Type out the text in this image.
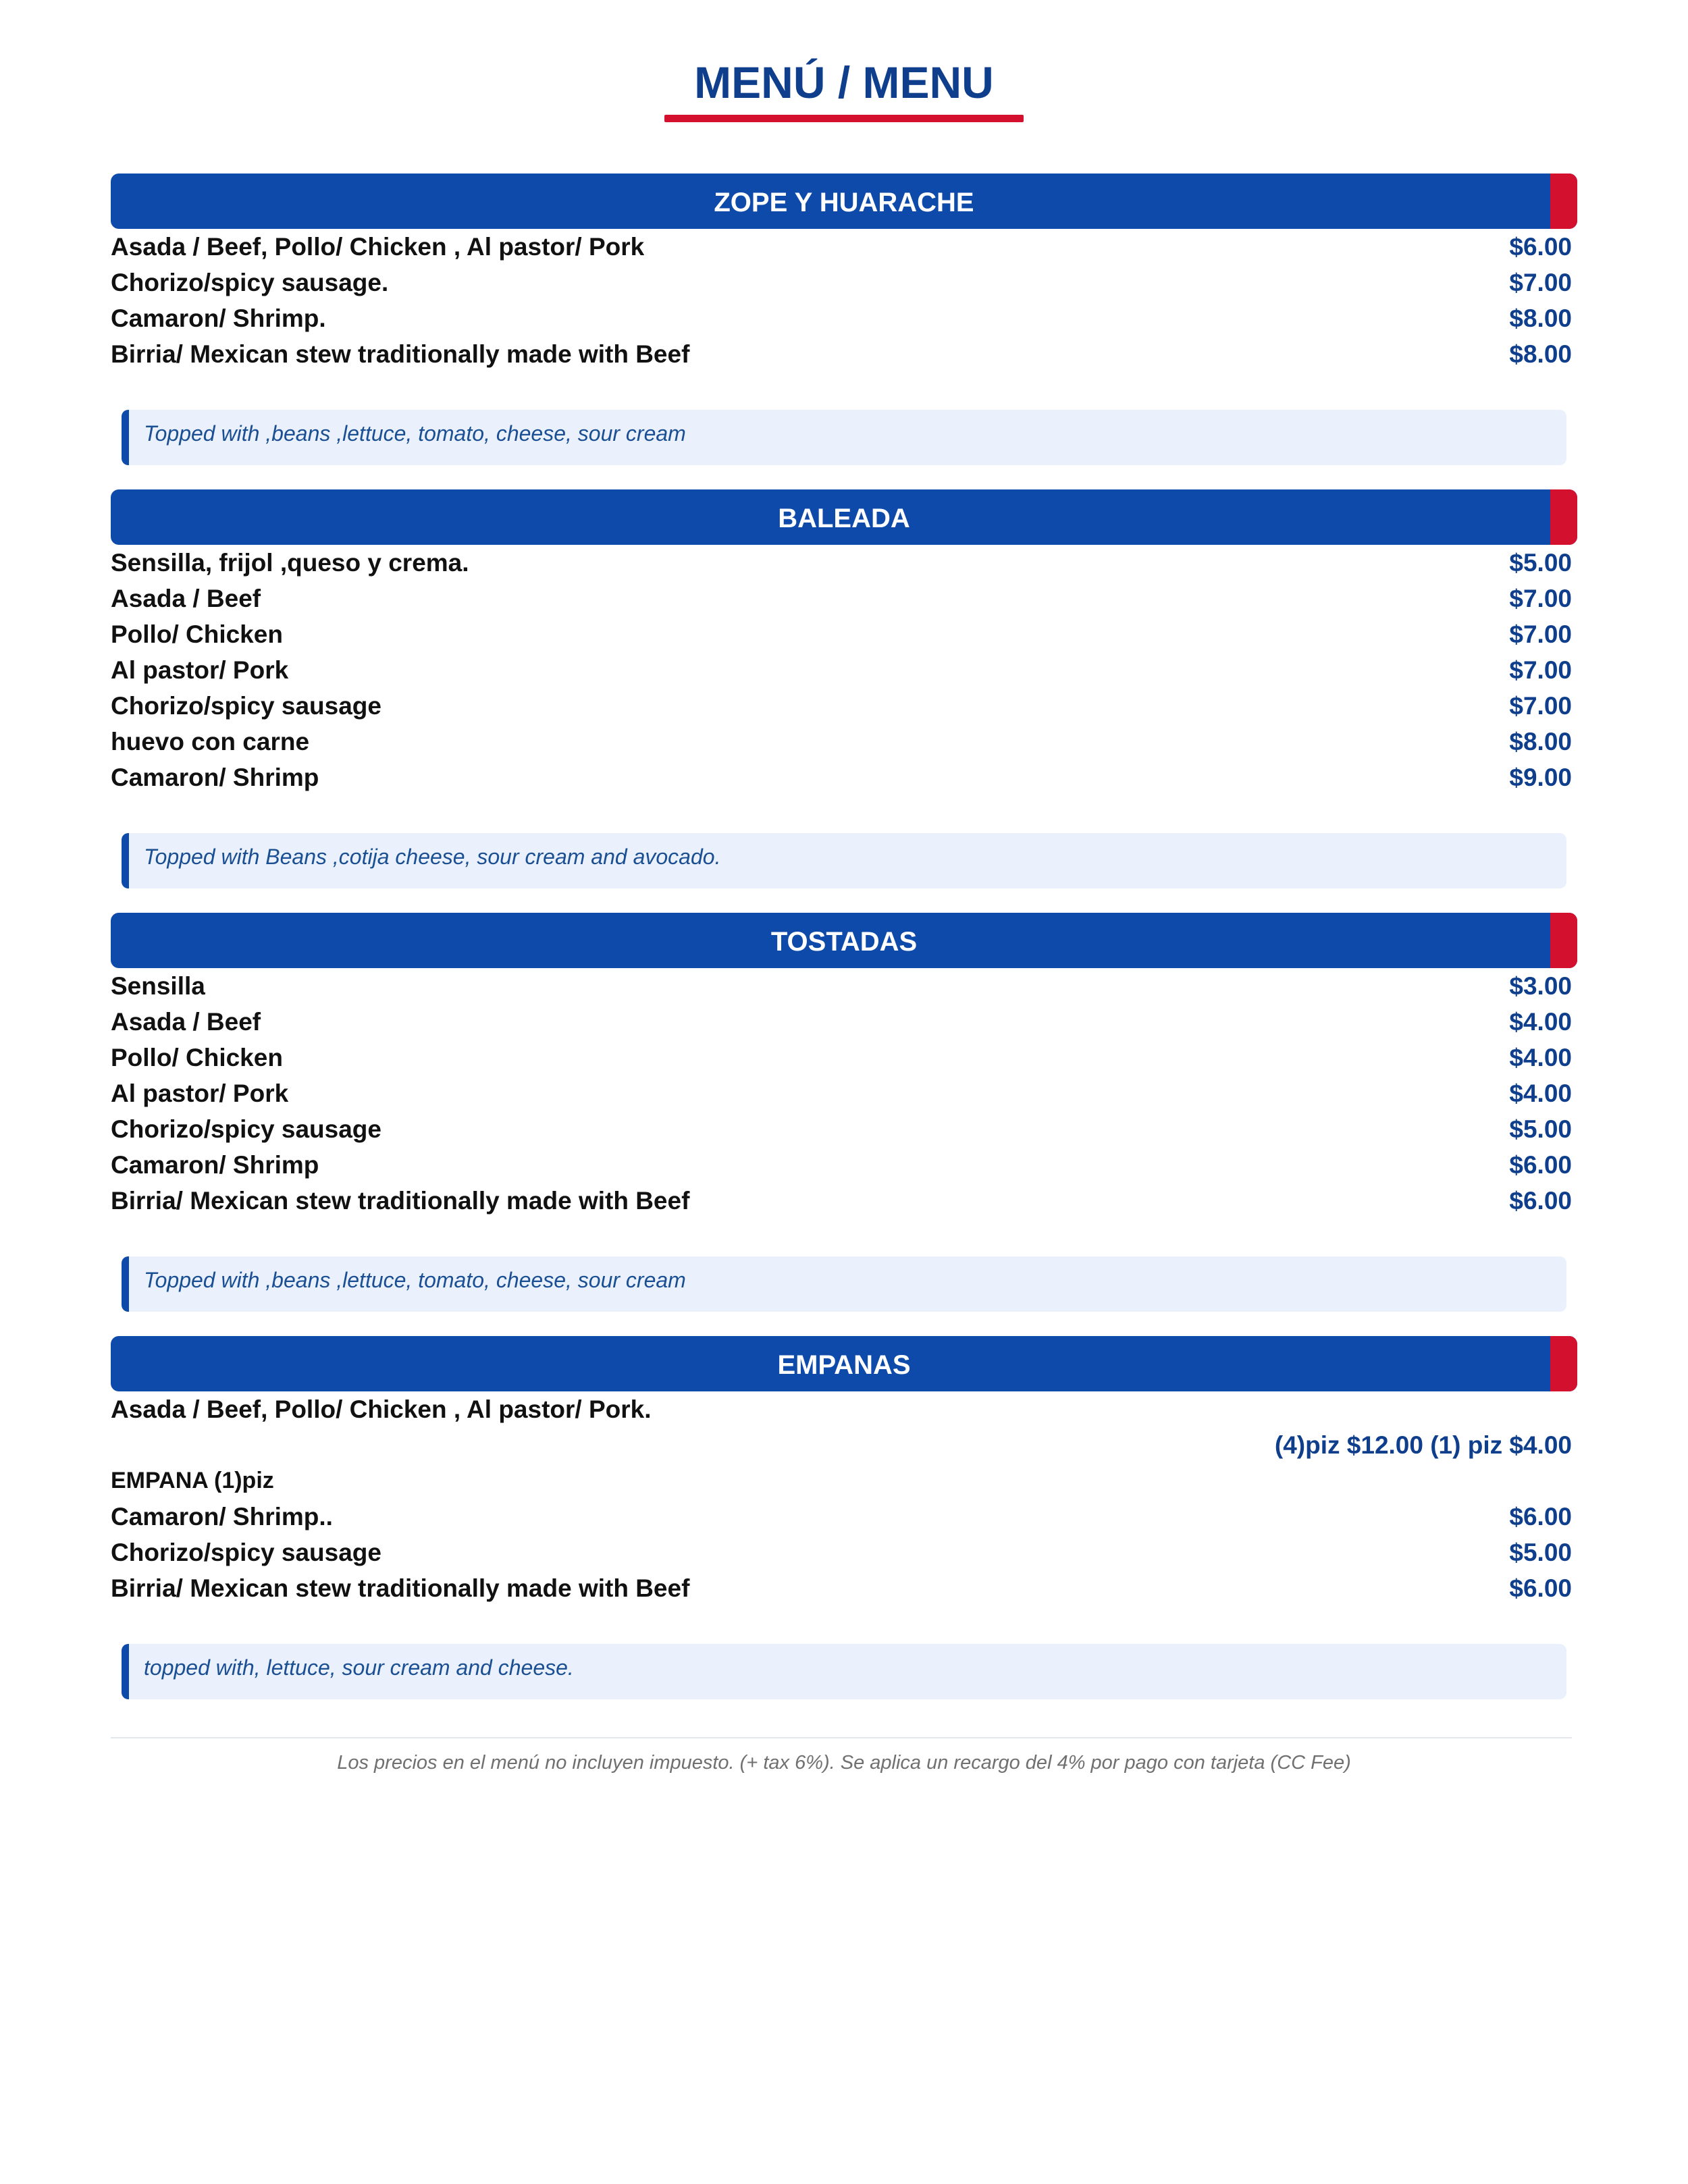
MENÚ / MENU
ZOPE Y HUARACHE
Asada / Beef, Pollo/ Chicken , Al pastor/ Pork	$6.00
Chorizo/spicy sausage.	$7.00
Camaron/ Shrimp.	$8.00
Birria/ Mexican stew traditionally made with Beef	$8.00
Topped with ,beans ,lettuce, tomato, cheese, sour cream
BALEADA
Sensilla, frijol ,queso y crema.	$5.00
Asada / Beef	$7.00
Pollo/ Chicken	$7.00
Al pastor/ Pork	$7.00
Chorizo/spicy sausage	$7.00
huevo con carne	$8.00
Camaron/ Shrimp	$9.00
Topped with Beans ,cotija cheese, sour cream and avocado.
TOSTADAS
Sensilla	$3.00
Asada / Beef	$4.00
Pollo/ Chicken	$4.00
Al pastor/ Pork	$4.00
Chorizo/spicy sausage	$5.00
Camaron/ Shrimp	$6.00
Birria/ Mexican stew traditionally made with Beef	$6.00
Topped with ,beans ,lettuce, tomato, cheese, sour cream
EMPANAS
Asada / Beef, Pollo/ Chicken , Al pastor/ Pork.
(4)piz $12.00 (1) piz $4.00
EMPANA (1)piz
Camaron/ Shrimp..	$6.00
Chorizo/spicy sausage	$5.00
Birria/ Mexican stew traditionally made with Beef	$6.00
topped with, lettuce, sour cream and cheese.
Los precios en el menú no incluyen impuesto. (+ tax 6%). Se aplica un recargo del 4% por pago con tarjeta (CC Fee)
